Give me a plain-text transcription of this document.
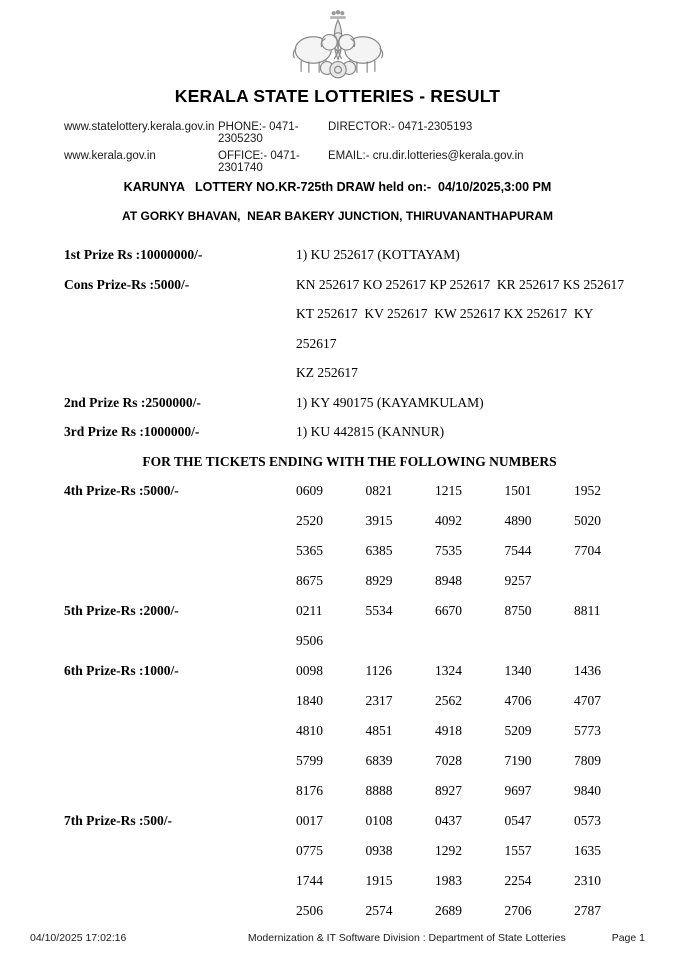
KERALA STATE LOTTERIES - RESULT
www.statelottery.kerala.gov.in PHONE:- 0471-2305230
DIRECTOR:- 0471-2305193
www.kerala.gov.in	OFFICE:- 0471-2301740
EMAIL:- cru.dir.lotteries@kerala.gov.in
KARUNYA   LOTTERY NO.KR-725th DRAW held on:-  04/10/2025,3:00 PM
AT GORKY BHAVAN,  NEAR BAKERY JUNCTION, THIRUVANANTHAPURAM
1st Prize Rs :10000000/-	1) KU 252617 (KOTTAYAM)
Cons Prize-Rs :5000/-	KN 252617 KO 252617 KP 252617  KR 252617 KS 252617
KT 252617  KV 252617  KW 252617 KX 252617  KY 252617
KZ 252617
2nd Prize Rs :2500000/-	1) KY 490175 (KAYAMKULAM)
3rd Prize Rs :1000000/-	1) KU 442815 (KANNUR)
FOR THE TICKETS ENDING WITH THE FOLLOWING NUMBERS
4th Prize-Rs :5000/-	0609	0821	1215	1501	1952
2520	3915	4092	4890	5020
5365	6385	7535	7544	7704
8675	8929	8948	9257
5th Prize-Rs :2000/-	0211	5534	6670	8750	8811
9506
6th Prize-Rs :1000/-	0098	1126	1324	1340	1436
1840	2317	2562	4706	4707
4810	4851	4918	5209	5773
5799	6839	7028	7190	7809
8176	8888	8927	9697	9840
7th Prize-Rs :500/-	0017	0108	0437	0547	0573
0775	0938	1292	1557	1635
1744	1915	1983	2254	2310
2506	2574	2689	2706	2787
04/10/2025 17:02:16	Modernization & IT Software Division : Department of State Lotteries	Page 1
